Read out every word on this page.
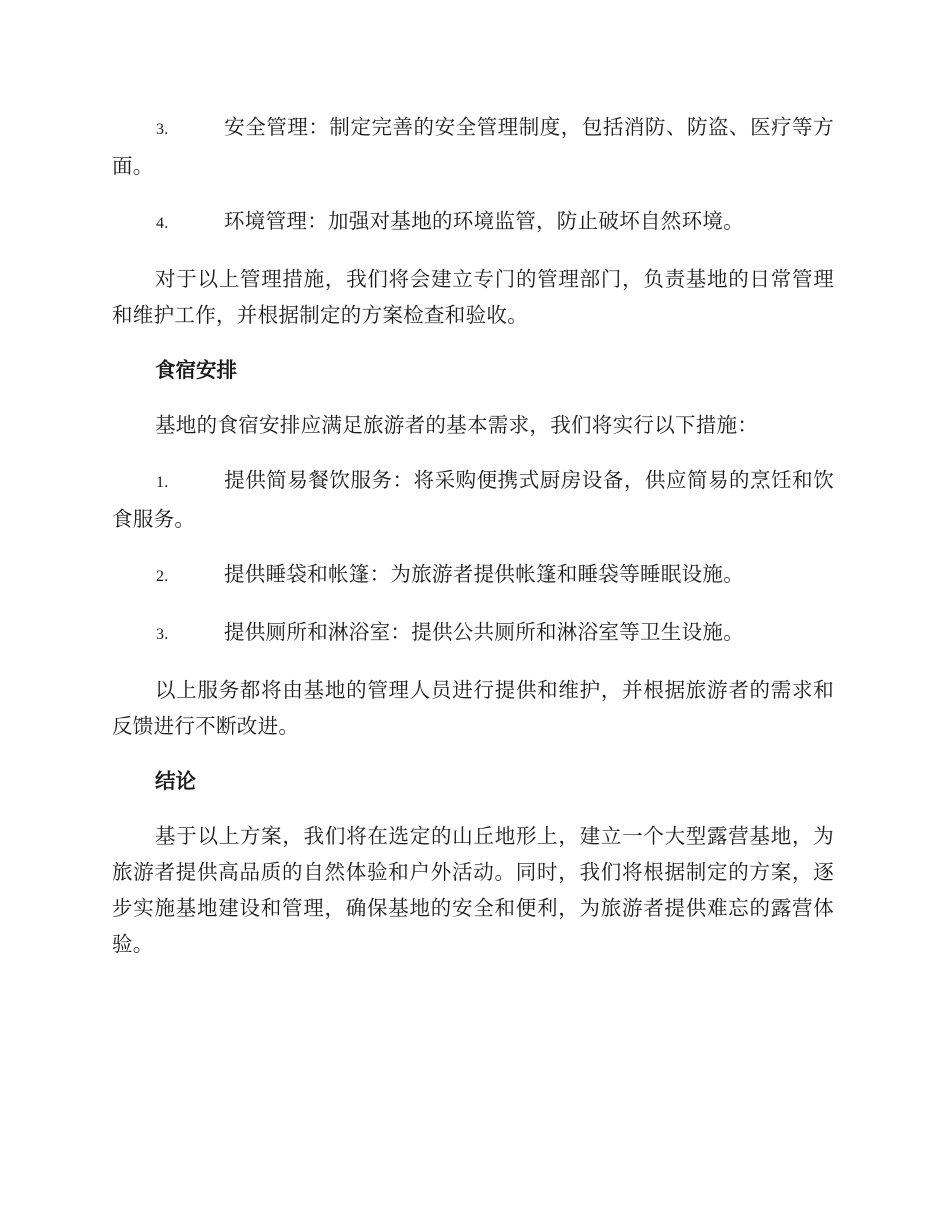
3.	安全管理：制定完善的安全管理制度，包括消防、防盗、医疗等方面。

4.	环境管理：加强对基地的环境监管，防止破坏自然环境。

对于以上管理措施，我们将会建立专门的管理部门，负责基地的日常管理和维护工作，并根据制定的方案检查和验收。

食宿安排

基地的食宿安排应满足旅游者的基本需求，我们将实行以下措施：

1.	提供简易餐饮服务：将采购便携式厨房设备，供应简易的烹饪和饮食服务。

2.	提供睡袋和帐篷：为旅游者提供帐篷和睡袋等睡眠设施。

3.	提供厕所和淋浴室：提供公共厕所和淋浴室等卫生设施。

以上服务都将由基地的管理人员进行提供和维护，并根据旅游者的需求和反馈进行不断改进。

结论

基于以上方案，我们将在选定的山丘地形上，建立一个大型露营基地，为旅游者提供高品质的自然体验和户外活动。同时，我们将根据制定的方案，逐步实施基地建设和管理，确保基地的安全和便利，为旅游者提供难忘的露营体验。
